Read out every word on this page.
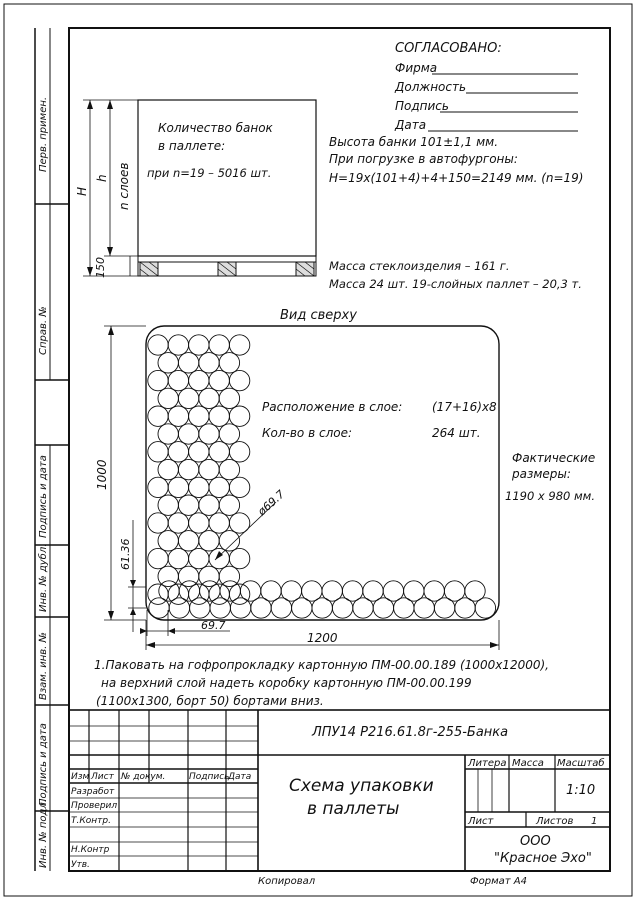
Перв. примен.
Справ. №
Подпись и дата
Инв. № дубл.
Взам. инв. №
Подпись и дата
Инв. № подл.
СОГЛАСОВАНО:
Фирма
Должность
Подпись
Дата
Количество банок
в паллете:
при n=19 – 5016 шт.
H
h n слоев
150
Высота банки 101±1,1 мм.
При погрузке в автофургоны:
H=19x(101+4)+4+150=2149 мм. (n=19)
Масса стеклоизделия – 161 г.
Масса 24 шт. 19-слойных паллет – 20,3 т.
Вид сверху
Расположение в слое: (17+16)x8
Кол-во в слое:	264 шт.
Фактические
размеры:
1190 x 980 мм.
1000
61.36
69.7
1200
ø69.7
1.Паковать на гофропрокладку картонную ПМ-00.00.189 (1000x12000),
на верхний слой надеть коробку картонную ПМ-00.00.199
(1100x1300, борт 50) бортами вниз.
ЛПУ14 Р216.61.8г-255-Банка
Схема упаковки
в паллеты
Изм Лист № докум.	Подпись
Дата
Разработ
Проверил
Т.Контр.
Н.Контр
Утв.
Литера Масса Масштаб
1:10
Лист	Листов 1
ООО
"Красное Эхо"
Копировал	Формат А4
